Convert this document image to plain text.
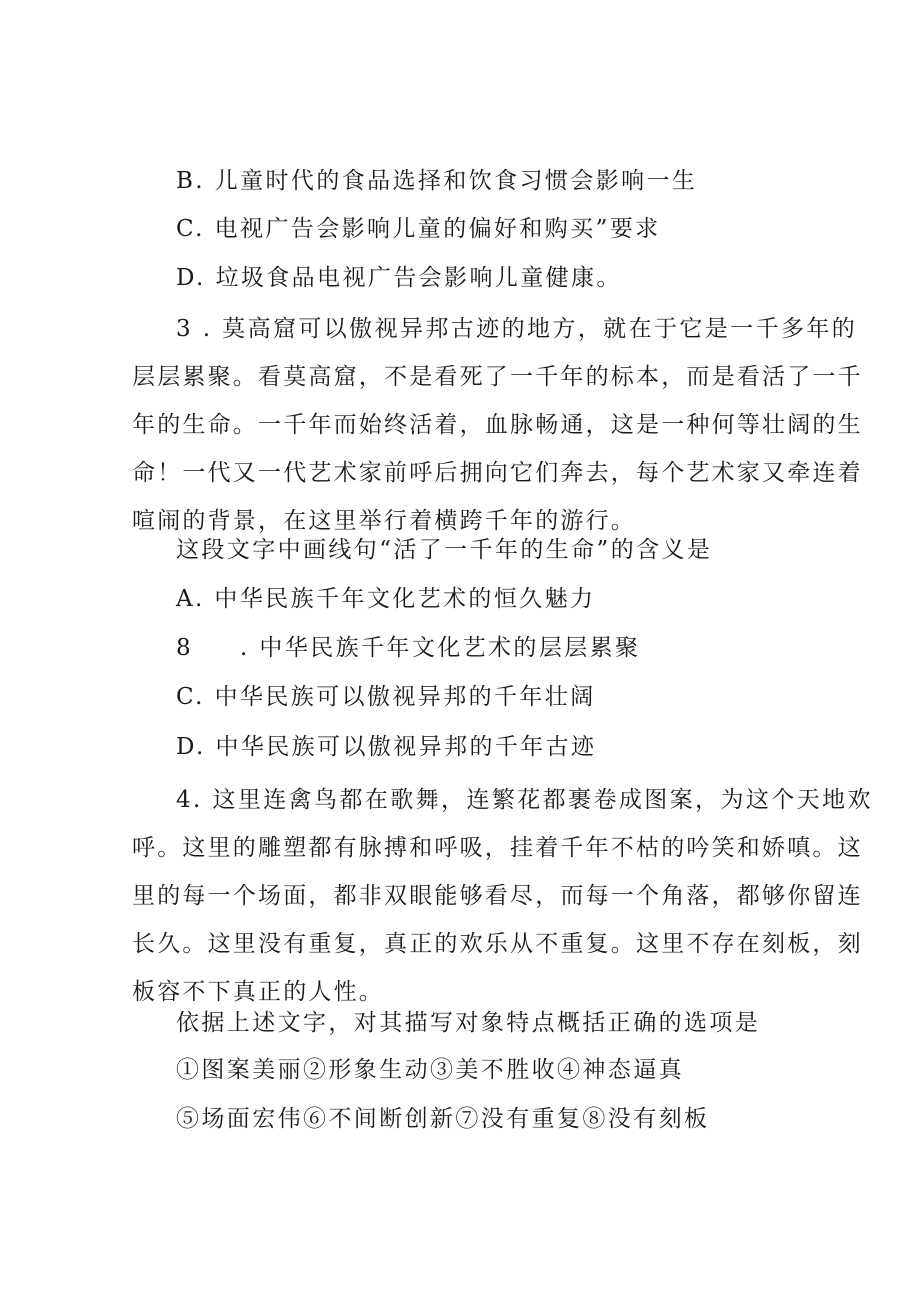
B. 儿童时代的食品选择和饮食习惯会影响一生
C. 电视广告会影响儿童的偏好和购买”要求
D. 垃圾食品电视广告会影响儿童健康。
3 . 莫高窟可以傲视异邦古迹的地方，就在于它是一千多年的
层层累聚。看莫高窟，不是看死了一千年的标本，而是看活了一千
年的生命。一千年而始终活着，血脉畅通，这是一种何等壮阔的生
命！一代又一代艺术家前呼后拥向它们奔去，每个艺术家又牵连着
喧闹的背景，在这里举行着横跨千年的游行。
这段文字中画线句“活了一千年的生命”的含义是
A. 中华民族千年文化艺术的恒久魅力
8 . 中华民族千年文化艺术的层层累聚
C. 中华民族可以傲视异邦的千年壮阔
D. 中华民族可以傲视异邦的千年古迹
4. 这里连禽鸟都在歌舞，连繁花都裹卷成图案，为这个天地欢
呼。这里的雕塑都有脉搏和呼吸，挂着千年不枯的吟笑和娇嗔。这
里的每一个场面，都非双眼能够看尽，而每一个角落，都够你留连
长久。这里没有重复，真正的欢乐从不重复。这里不存在刻板，刻
板容不下真正的人性。
依据上述文字，对其描写对象特点概括正确的选项是
①图案美丽②形象生动③美不胜收④神态逼真
⑤场面宏伟⑥不间断创新⑦没有重复⑧没有刻板
